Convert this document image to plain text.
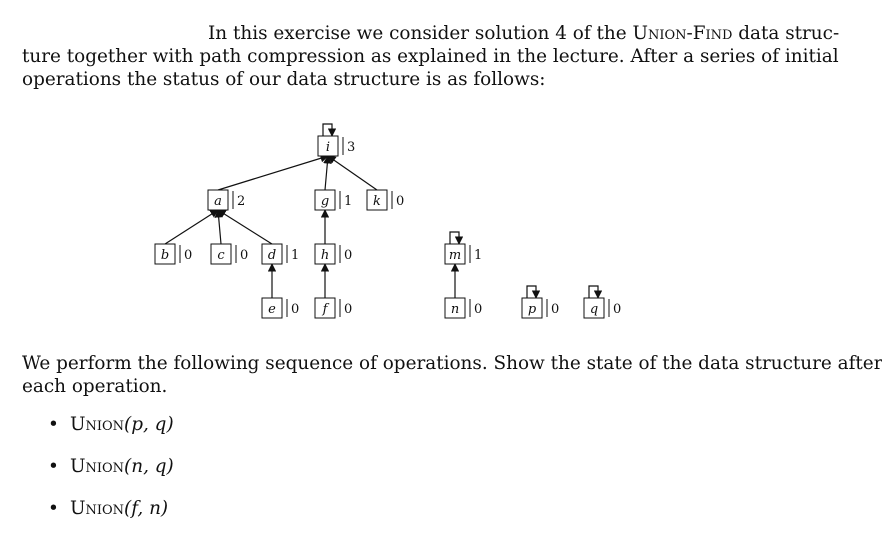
In this exercise we consider solution 4 of the Union-Find data struc-
ture together with path compression as explained in the lecture. After a series of initial
operations the status of our data structure is as follows:
i 3
a 2	g 1 k 0
b 0 c 0 d 1 h 0
e 0 f 0
m 1
n 0	p 0 q 0
We perform the following sequence of operations. Show the state of the data structure after
each operation.
• Union(p, q)
• Union(n, q)
• Union(f, n)
